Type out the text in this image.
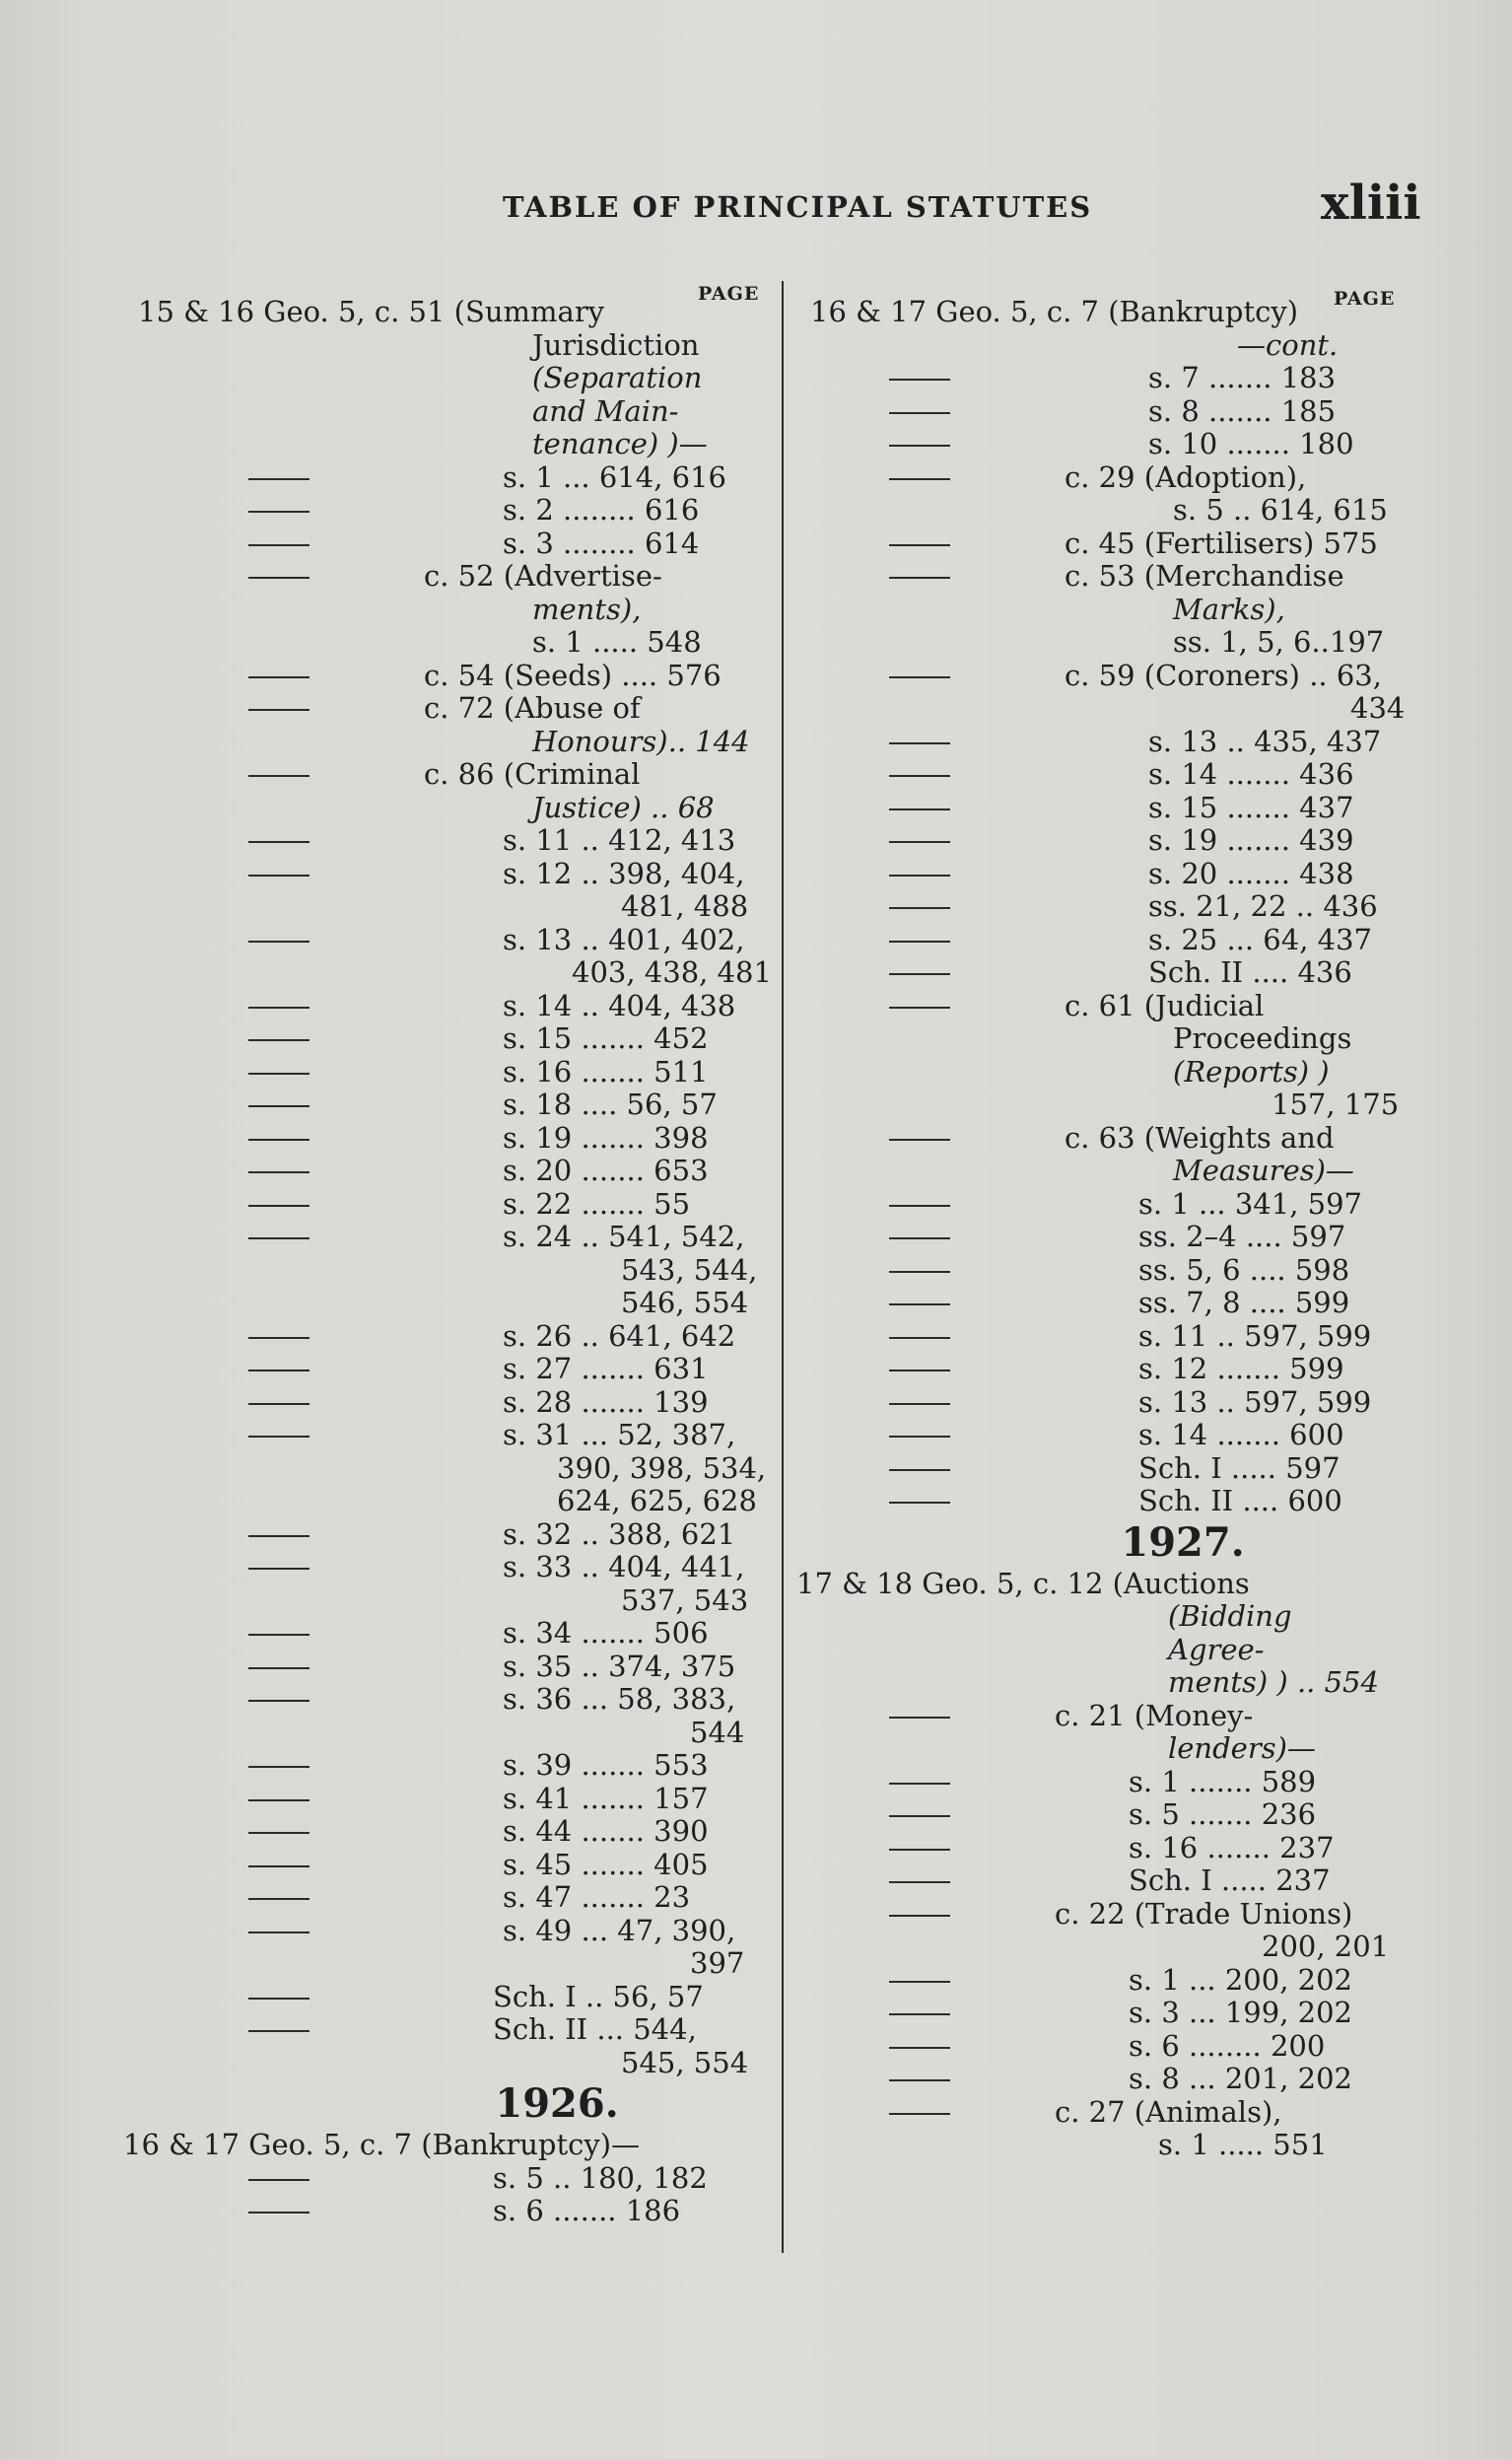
TABLE OF PRINCIPAL STATUTES	xliii
PAGE	PAGE
15 & 16 Geo. 5, c. 51 (Summary
Jurisdiction
(Separation
and Main-
tenance) )—
s. 1 ... 614, 616
s. 2 ........ 616
s. 3 ........ 614
c. 52 (Advertise-
ments),
s. 1 ..... 548
c. 54 (Seeds) .... 576
c. 72 (Abuse of
Honours).. 144
c. 86 (Criminal
Justice) .. 68
s. 11 .. 412, 413
s. 12 .. 398, 404,
481, 488
s. 13 .. 401, 402,
403, 438, 481
s. 14 .. 404, 438
s. 15 ....... 452
s. 16 ....... 511
s. 18 .... 56, 57
s. 19 ....... 398
s. 20 ....... 653
s. 22 ....... 55
s. 24 .. 541, 542,
543, 544,
546, 554
s. 26 .. 641, 642
s. 27 ....... 631
s. 28 ....... 139
s. 31 ... 52, 387,
390, 398, 534,
624, 625, 628
s. 32 .. 388, 621
s. 33 .. 404, 441,
537, 543
s. 34 ....... 506
s. 35 .. 374, 375
s. 36 ... 58, 383,
544
s. 39 ....... 553
s. 41 ....... 157
s. 44 ....... 390
s. 45 ....... 405
s. 47 ....... 23
s. 49 ... 47, 390,
397
Sch. I .. 56, 57
Sch. II ... 544,
545, 554
1926.
16 & 17 Geo. 5, c. 7 (Bankruptcy)—
s. 5 .. 180, 182
s. 6 ....... 186
16 & 17 Geo. 5, c. 7 (Bankruptcy)
—cont.
s. 7 ....... 183
s. 8 ....... 185
s. 10 ....... 180
c. 29 (Adoption),
s. 5 .. 614, 615
c. 45 (Fertilisers) 575
c. 53 (Merchandise
Marks),
ss. 1, 5, 6..197
c. 59 (Coroners) .. 63,
434
s. 13 .. 435, 437
s. 14 ....... 436
s. 15 ....... 437
s. 19 ....... 439
s. 20 ....... 438
ss. 21, 22 .. 436
s. 25 ... 64, 437
Sch. II .... 436
c. 61 (Judicial
Proceedings
(Reports) )
157, 175
c. 63 (Weights and
Measures)—
s. 1 ... 341, 597
ss. 2–4 .... 597
ss. 5, 6 .... 598
ss. 7, 8 .... 599
s. 11 .. 597, 599
s. 12 ....... 599
s. 13 .. 597, 599
s. 14 ....... 600
Sch. I ..... 597
Sch. II .... 600
1927.
17 & 18 Geo. 5, c. 12 (Auctions
(Bidding
Agree-
ments) ) .. 554
c. 21 (Money-
lenders)—
s. 1 ....... 589
s. 5 ....... 236
s. 16 ....... 237
Sch. I ..... 237
c. 22 (Trade Unions)
200, 201
s. 1 ... 200, 202
s. 3 ... 199, 202
s. 6 ........ 200
s. 8 ... 201, 202
c. 27 (Animals),
s. 1 ..... 551
